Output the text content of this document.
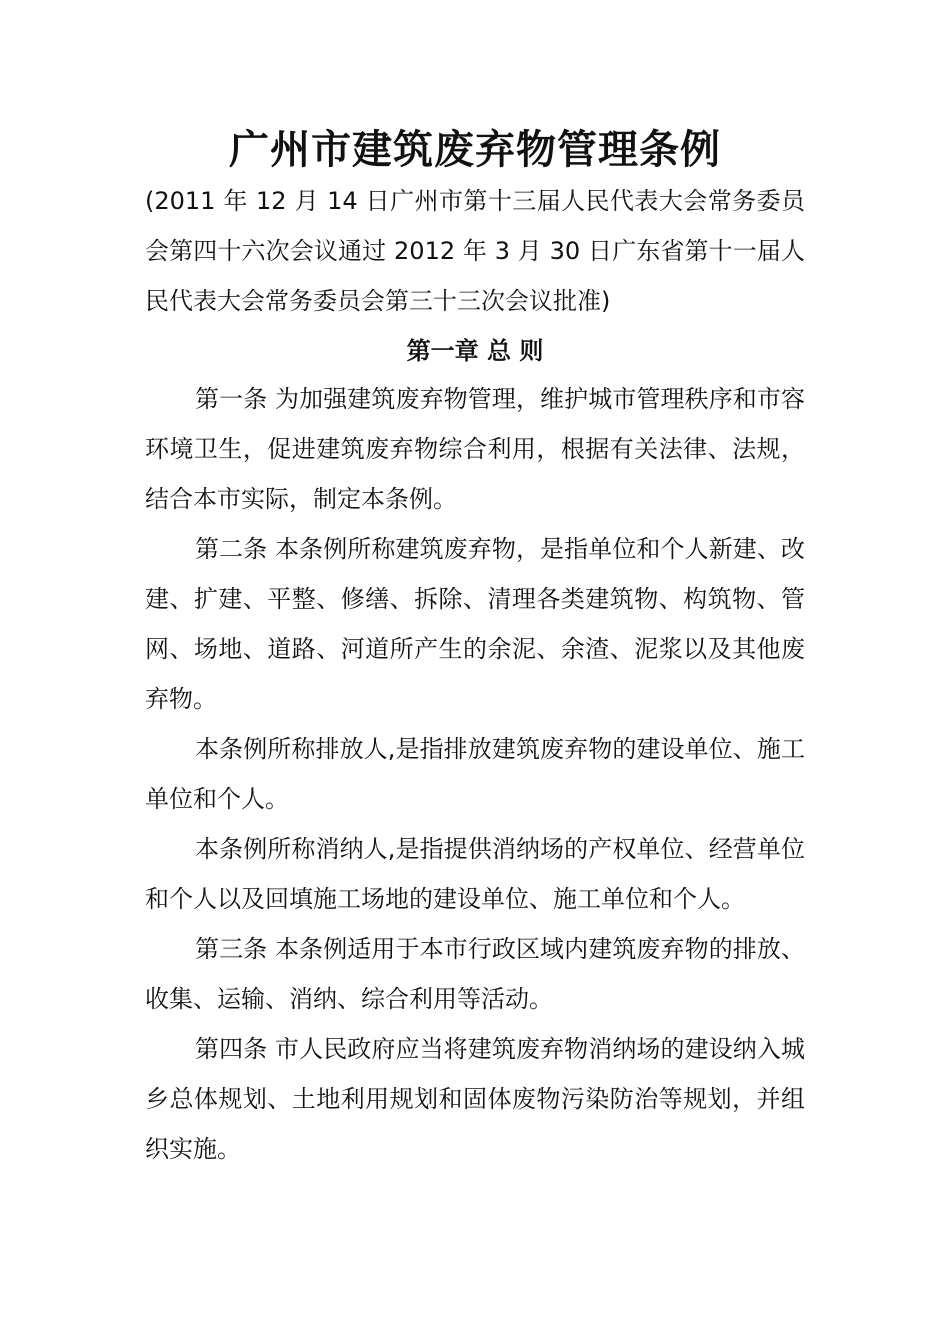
广州市建筑废弃物管理条例

(2011 年 12 月 14 日广州市第十三届人民代表大会常务委员会第四十六次会议通过 2012 年 3 月 30 日广东省第十一届人民代表大会常务委员会第三十三次会议批准)

第一章 总 则

第一条 为加强建筑废弃物管理，维护城市管理秩序和市容环境卫生，促进建筑废弃物综合利用，根据有关法律、法规，结合本市实际，制定本条例。

第二条 本条例所称建筑废弃物，是指单位和个人新建、改建、扩建、平整、修缮、拆除、清理各类建筑物、构筑物、管网、场地、道路、河道所产生的余泥、余渣、泥浆以及其他废弃物。

本条例所称排放人,是指排放建筑废弃物的建设单位、施工单位和个人。

本条例所称消纳人,是指提供消纳场的产权单位、经营单位和个人以及回填施工场地的建设单位、施工单位和个人。

第三条 本条例适用于本市行政区域内建筑废弃物的排放、收集、运输、消纳、综合利用等活动。

第四条 市人民政府应当将建筑废弃物消纳场的建设纳入城乡总体规划、土地利用规划和固体废物污染防治等规划，并组织实施。
